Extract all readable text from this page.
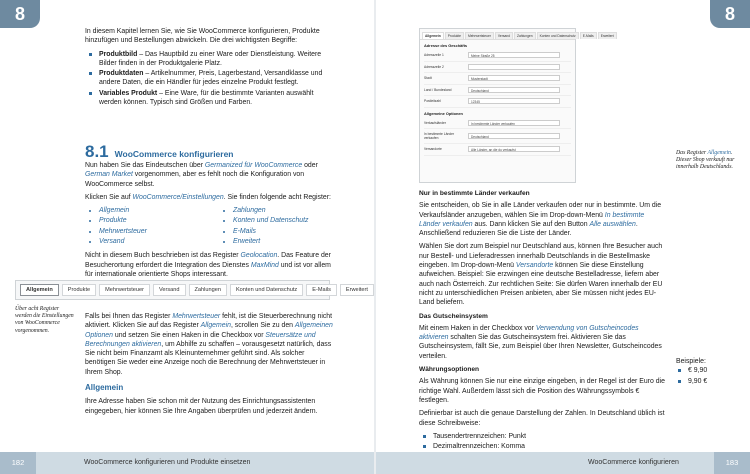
8	8

In diesem Kapitel lernen Sie, wie Sie WooCommerce konfigurieren, Produkte hinzufügen und Bestellungen abwickeln. Die drei wichtigsten Begriffe:

Produktbild – Das Hauptbild zu einer Ware oder Dienstleistung. Weitere Bilder finden in der Produktgalerie Platz.
Produktdaten – Artikelnummer, Preis, Lagerbestand, Versandklasse und andere Daten, die ein Händler für jedes einzelne Produkt festlegt.
Variables Produkt – Eine Ware, für die bestimmte Varianten auswählt werden können. Typisch sind Größen und Farben.
8.1 WooCommerce konfigurieren

Nun haben Sie das Eindeutschen über Germanized für WooCommerce oder German Market vorgenommen, aber es fehlt noch die Konfiguration von WooCommerce selbst.

Klicken Sie auf WooCommerce/Einstellungen. Sie finden folgende acht Register:

• Allgemein
• Produkte
• Mehrwertsteuer
• Versand
• Zahlungen
• Konten und Datenschutz
• E-Mails
• Erweitert

Nicht in diesem Buch beschrieben ist das Register Geolocation. Das Feature der Besucherortung erfordert die Integration des Dienstes MaxMind und ist vor allem für internationale orientierte Shops interessant.

Allgemein	Produkte	Mehrwertsteuer	Versand	Zahlungen	Konten und Datenschutz	E-Mails	Erweitert
Über acht Register werden die Einstellungen von WooCommerce vorgenommen.

Falls bei Ihnen das Register Mehrwertsteuer fehlt, ist die Steuerberechnung nicht aktiviert. Klicken Sie auf das Register Allgemein, scrollen Sie zu den Allgemeinen Optionen und setzen Sie einen Haken in die Checkbox vor Steuersätze und Berechnungen aktivieren, um Abhilfe zu schaffen – vorausgesetzt natürlich, dass Sie nicht beim Finanzamt als Kleinunternehmer geführt sind. Als solcher benötigen Sie weder eine Anzeige noch die Berechnung der Mehrwertsteuer in Ihrem Shop.

Allgemein

Ihre Adresse haben Sie schon mit der Nutzung des Einrichtungsassistenten eingegeben, hier können Sie Ihre Angaben überprüfen und jederzeit ändern.

182	WooCommerce konfigurieren und Produkte einsetzen
Allgemein	Produkte	Mehrwertsteuer	Versand	Zahlungen	Konten und Datenschutz	E-Mails	Erweitert
Adresse des Geschäfts
Adresszeile 1	Meine Straße 25
Adresszeile 2
Stadt	Musterstadt
Land / Bundesland	Deutschland
Postleitzahl	12345
Allgemeine Optionen
Verkaufsländer	In bestimmte Länder verkaufen
In bestimmte Länder verkaufen	Deutschland
Versandorte	Alle Länder, an die du verkaufst	Das Register Allgemein. Dieser Shop verkauft nur innerhalb Deutschlands.
Nur in bestimmte Länder verkaufen

Sie entscheiden, ob Sie in alle Länder verkaufen oder nur in bestimmte. Um die Verkaufsländer anzugeben, wählen Sie im Drop-down-Menü In bestimmte Länder verkaufen aus. Dann klicken Sie auf den Button Alle auswählen. Anschließend reduzieren Sie die Liste der Länder.

Wählen Sie dort zum Beispiel nur Deutschland aus, können Ihre Besucher auch nur Bestell- und Lieferadressen innerhalb Deutschlands in die Bestellmaske eingeben. Im Drop-down-Menü Versandorte können Sie diese Einstellung aufweichen. Beispiel: Sie erzwingen eine deutsche Bestelladresse, liefern aber auch nach Österreich. Zur rechtlichen Seite: Sie dürfen Waren innerhalb der EU nicht zu unterschiedlichen Preisen anbieten, aber Sie müssen nicht jedes EU-Land beliefern.

Das Gutscheinsystem

Mit einem Haken in der Checkbox vor Verwendung von Gutscheincodes aktivieren schalten Sie das Gutscheinsystem frei. Aktivieren Sie das Gutscheinsystem, fällt Sie, zum Beispiel über Ihren Newsletter, Gutscheincodes verteilen.

Währungsoptionen

Als Währung können Sie nur eine einzige eingeben, in der Regel ist der Euro die richtige Wahl. Außerdem lässt sich die Position des Währungssymbols € festlegen.

Definierbar ist auch die genaue Darstellung der Zahlen. In Deutschland üblich ist diese Schreibweise:

Tausendertrennzeichen: Punkt
Dezimaltrennzeichen: Komma
Beispiele:
€ 9,90
9,90 €
WooCommerce konfigurieren	183
